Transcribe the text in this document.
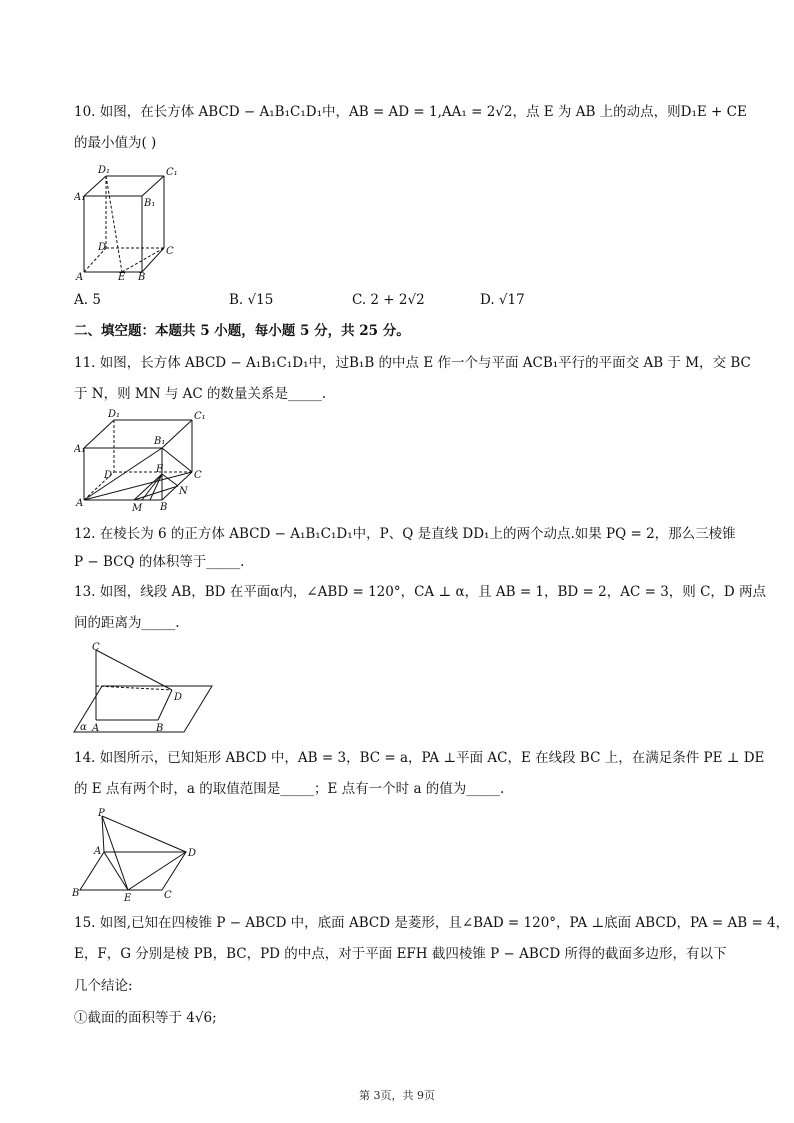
10. 如图，在长方体 ABCD − A₁B₁C₁D₁中，AB = AD = 1,AA₁ = 2√2，点 E 为 AB 上的动点，则D₁E + CE
的最小值为( )
D₁	C₁
A₁
B₁
D	C
A	E B
A. 5	B. √15	C. 2 + 2√2	D. √17
二、填空题：本题共 5 小题，每小题 5 分，共 25 分。
11. 如图，长方体 ABCD − A₁B₁C₁D₁中，过B₁B 的中点 E 作一个与平面 ACB₁平行的平面交 AB 于 M，交 BC
于 N，则 MN 与 AC 的数量关系是_____.
D₁	C₁
A₁
B₁
D
E
C
N
A	M B
12. 在棱长为 6 的正方体 ABCD − A₁B₁C₁D₁中，P、Q 是直线 DD₁上的两个动点.如果 PQ = 2，那么三棱锥
P − BCQ 的体积等于_____.
13. 如图，线段 AB，BD 在平面α内，∠ABD = 120°，CA ⊥ α，且 AB = 1，BD = 2，AC = 3，则 C，D 两点
间的距离为_____.
C
D
α A	B
14. 如图所示，已知矩形 ABCD 中，AB = 3，BC = a，PA ⊥平面 AC，E 在线段 BC 上，在满足条件 PE ⊥ DE
的 E 点有两个时，a 的取值范围是_____；E 点有一个时 a 的值为_____.
P
A	D
B	E	C
15. 如图,已知在四棱锥 P − ABCD 中，底面 ABCD 是菱形，且∠BAD = 120°，PA ⊥底面 ABCD，PA = AB = 4，
E，F，G 分别是棱 PB，BC，PD 的中点，对于平面 EFH 截四棱锥 P − ABCD 所得的截面多边形，有以下
几个结论:
①截面的面积等于 4√6;
第 3页，共 9页
